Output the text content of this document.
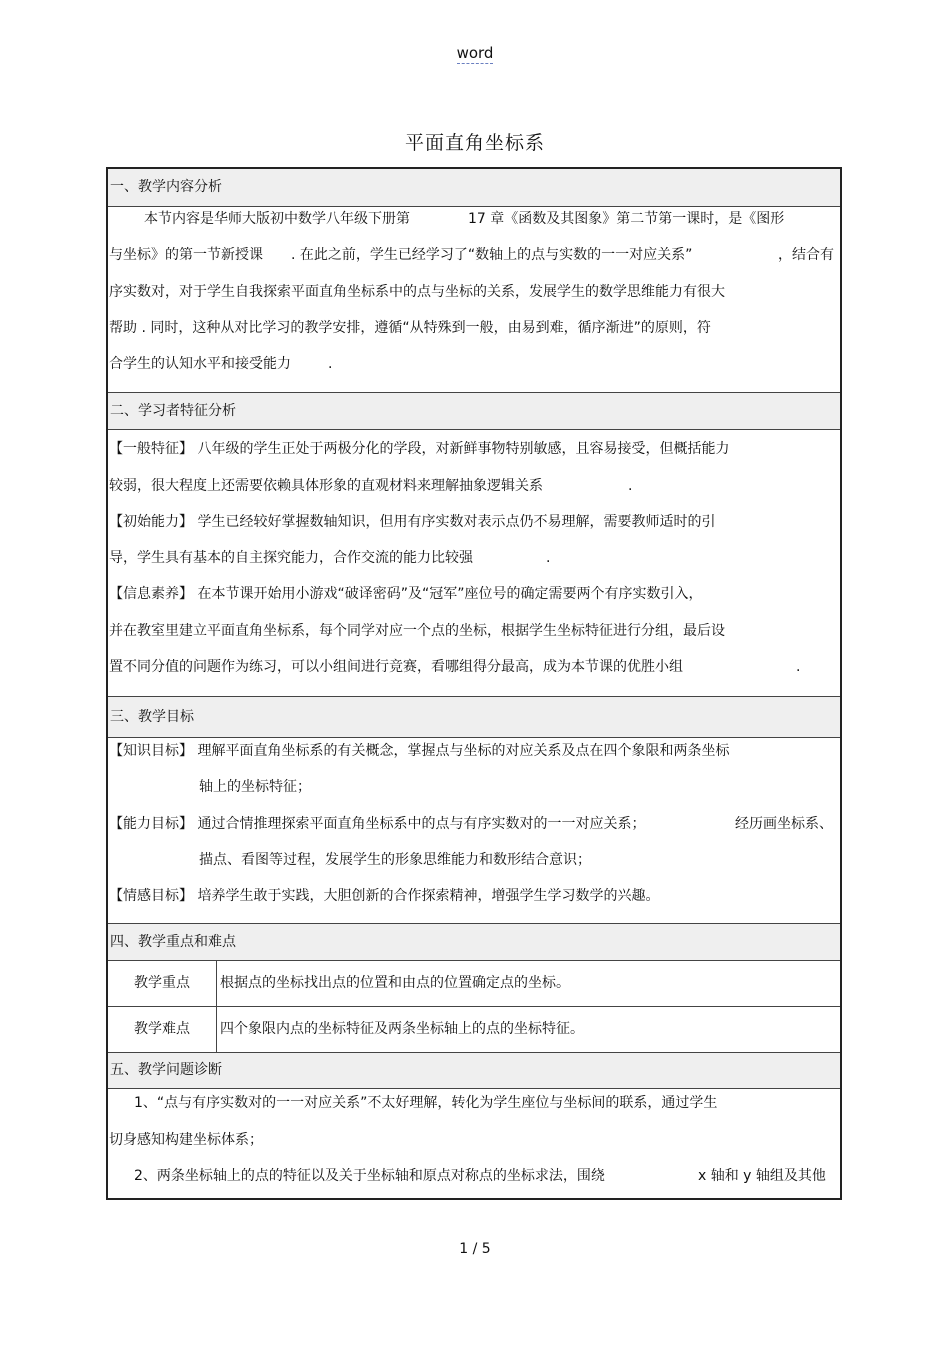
word
平面直角坐标系
一、教学内容分析
本节内容是华师大版初中数学八年级下册第	17 章《函数及其图象》第二节第一课时，是《图形
与坐标》的第一节新授课 . 在此之前，学生已经学习了“数轴上的点与实数的一一对应关系”	，结合有
序实数对，对于学生自我探索平面直角坐标系中的点与坐标的关系，发展学生的数学思维能力有很大
帮助 . 同时，这种从对比学习的教学安排，遵循“从特殊到一般，由易到难，循序渐进”的原则，符
合学生的认知水平和接受能力	.
二、学习者特征分析
【一般特征】 八年级的学生正处于两极分化的学段，对新鲜事物特别敏感，且容易接受，但概括能力
较弱，很大程度上还需要依赖具体形象的直观材料来理解抽象逻辑关系	.
【初始能力】 学生已经较好掌握数轴知识，但用有序实数对表示点仍不易理解，需要教师适时的引
导，学生具有基本的自主探究能力，合作交流的能力比较强	.
【信息素养】 在本节课开始用小游戏“破译密码”及“冠军”座位号的确定需要两个有序实数引入，
并在教室里建立平面直角坐标系，每个同学对应一个点的坐标，根据学生坐标特征进行分组，最后设
置不同分值的问题作为练习，可以小组间进行竞赛，看哪组得分最高，成为本节课的优胜小组	.
三、教学目标
【知识目标】 理解平面直角坐标系的有关概念，掌握点与坐标的对应关系及点在四个象限和两条坐标
轴上的坐标特征；
【能力目标】 通过合情推理探索平面直角坐标系中的点与有序实数对的一一对应关系；	经历画坐标系、
描点、看图等过程，发展学生的形象思维能力和数形结合意识；
【情感目标】 培养学生敢于实践，大胆创新的合作探索精神，增强学生学习数学的兴趣。
四、教学重点和难点
教学重点	根据点的坐标找出点的位置和由点的位置确定点的坐标。
教学难点	四个象限内点的坐标特征及两条坐标轴上的点的坐标特征。
五、教学问题诊断
1、“点与有序实数对的一一对应关系”不太好理解，转化为学生座位与坐标间的联系，通过学生
切身感知构建坐标体系；
2、两条坐标轴上的点的特征以及关于坐标轴和原点对称点的坐标求法，围绕	x 轴和 y 轴组及其他
1 / 5
